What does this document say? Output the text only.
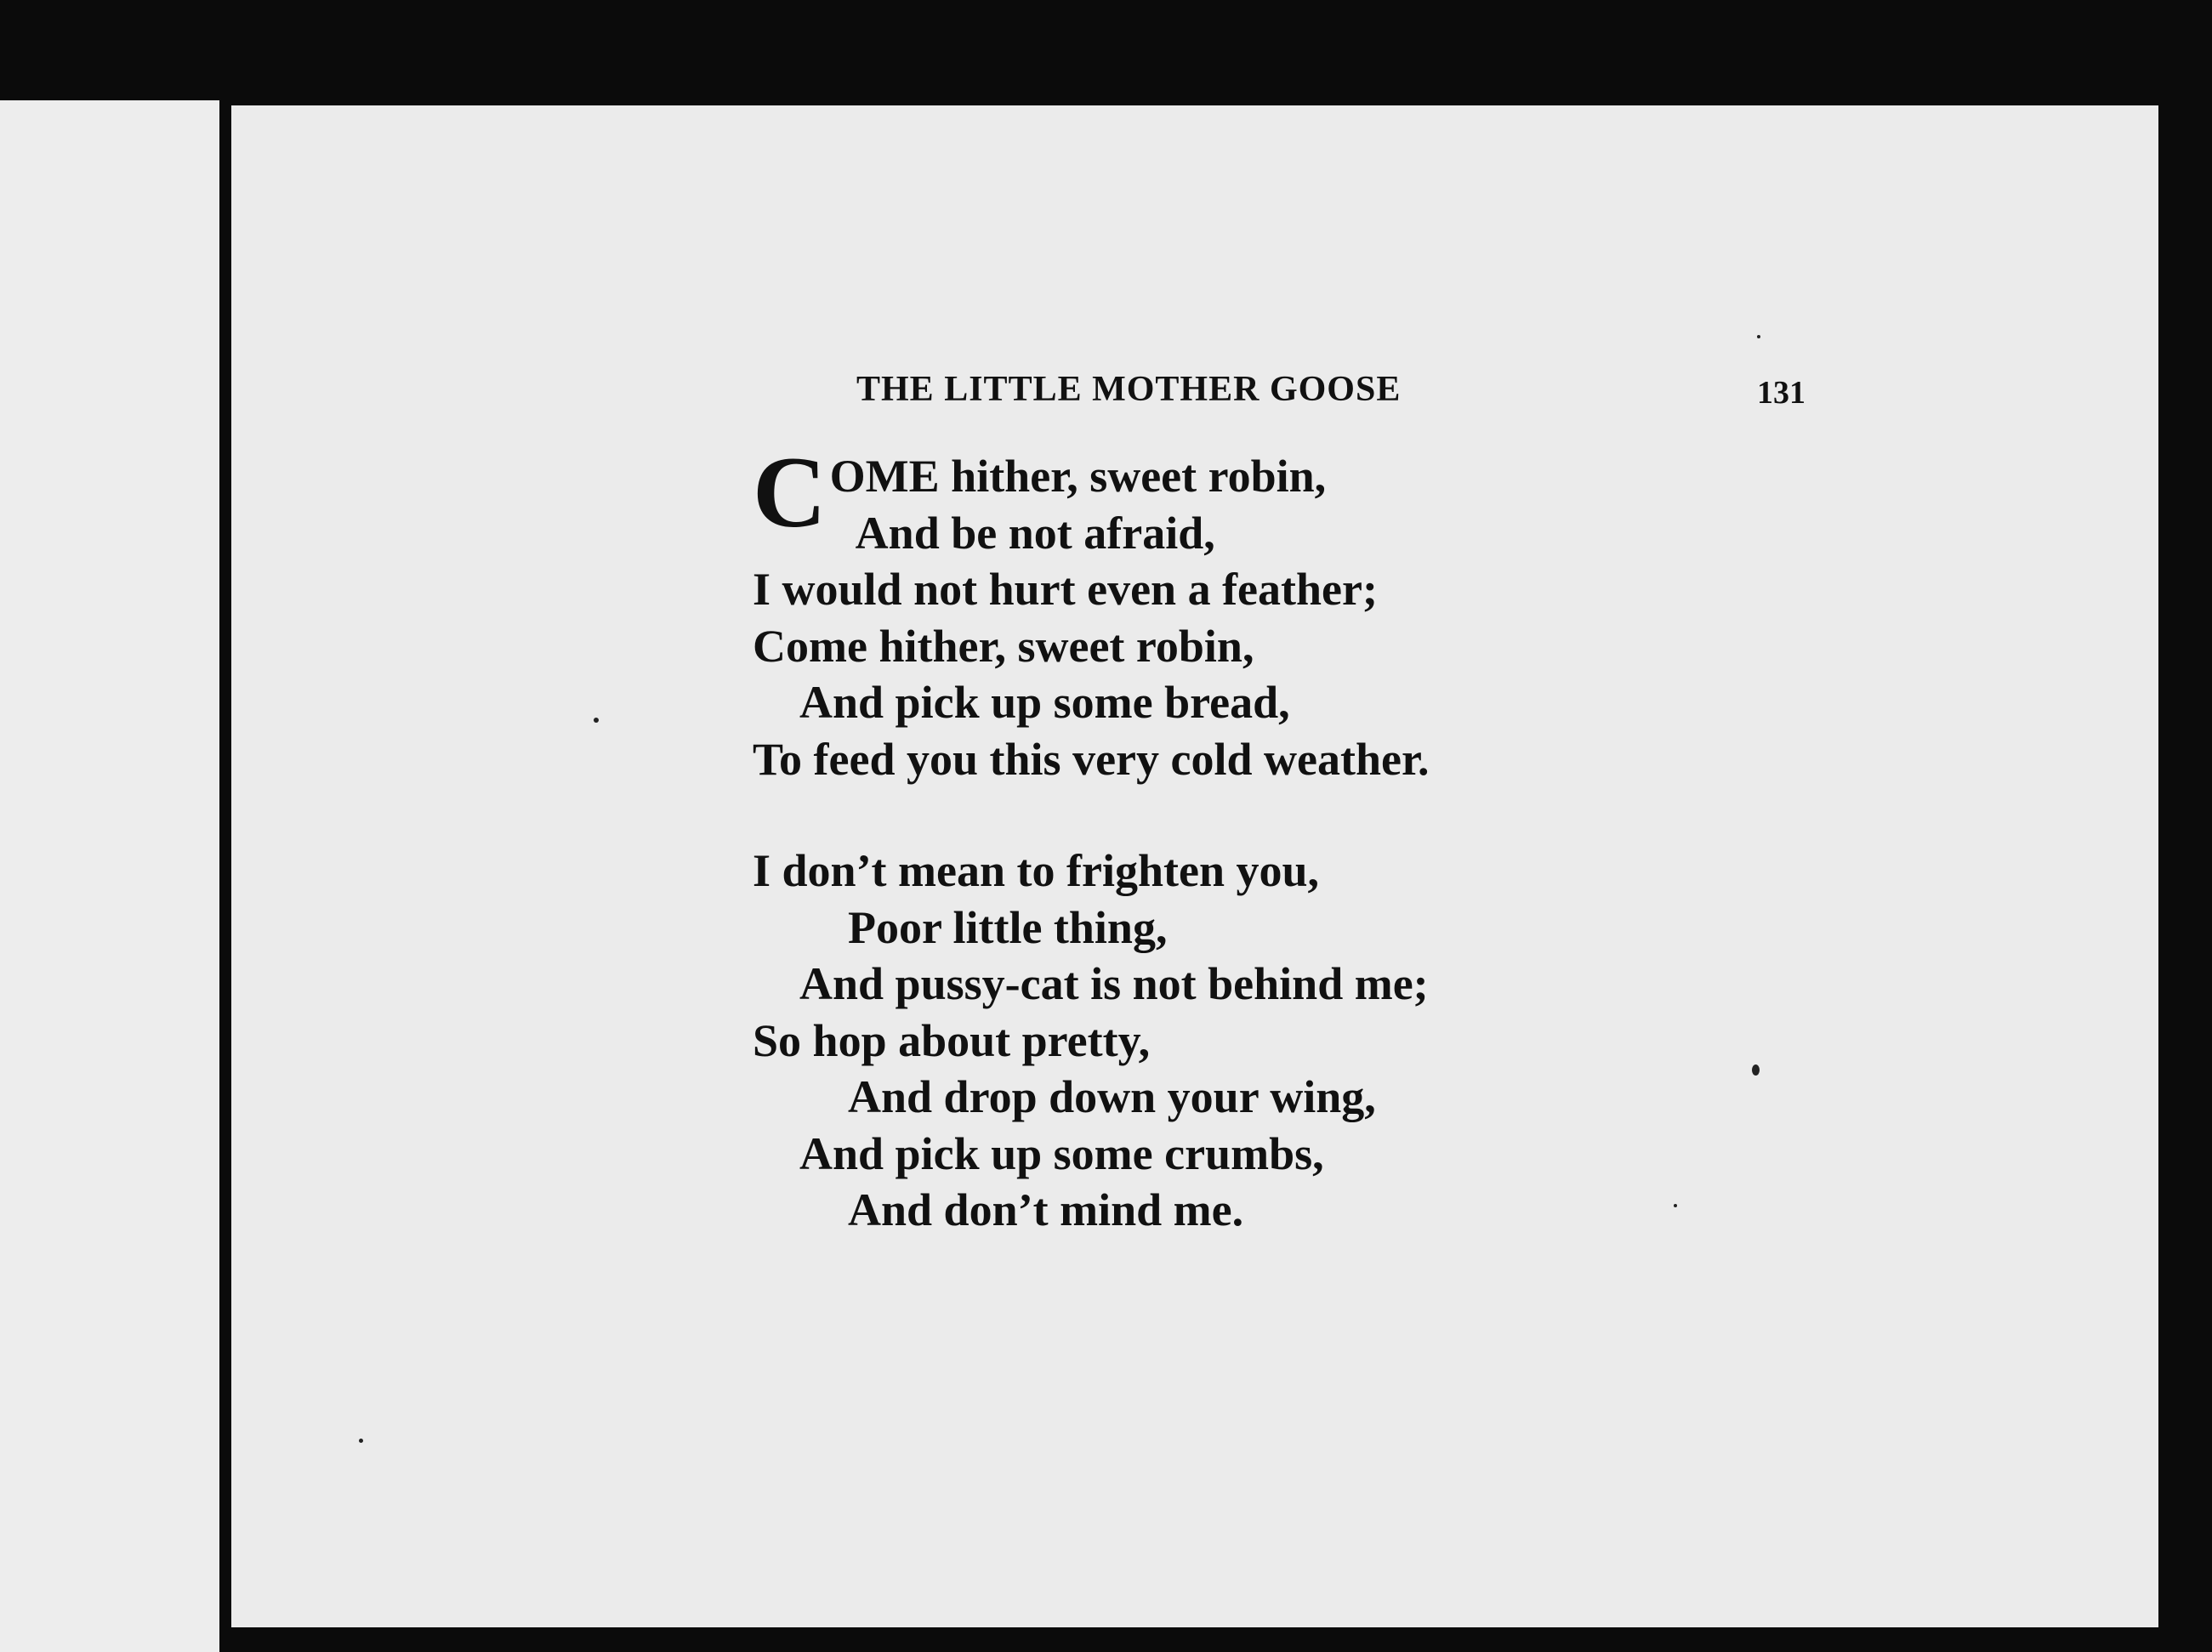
THE LITTLE MOTHER GOOSE	131
C OME hither, sweet robin,
And be not afraid,
I would not hurt even a feather;
Come hither, sweet robin,
And pick up some bread,
To feed you this very cold weather.
I don’t mean to frighten you,
Poor little thing,
And pussy-cat is not behind me;
So hop about pretty,
And drop down your wing,
And pick up some crumbs,
And don’t mind me.
